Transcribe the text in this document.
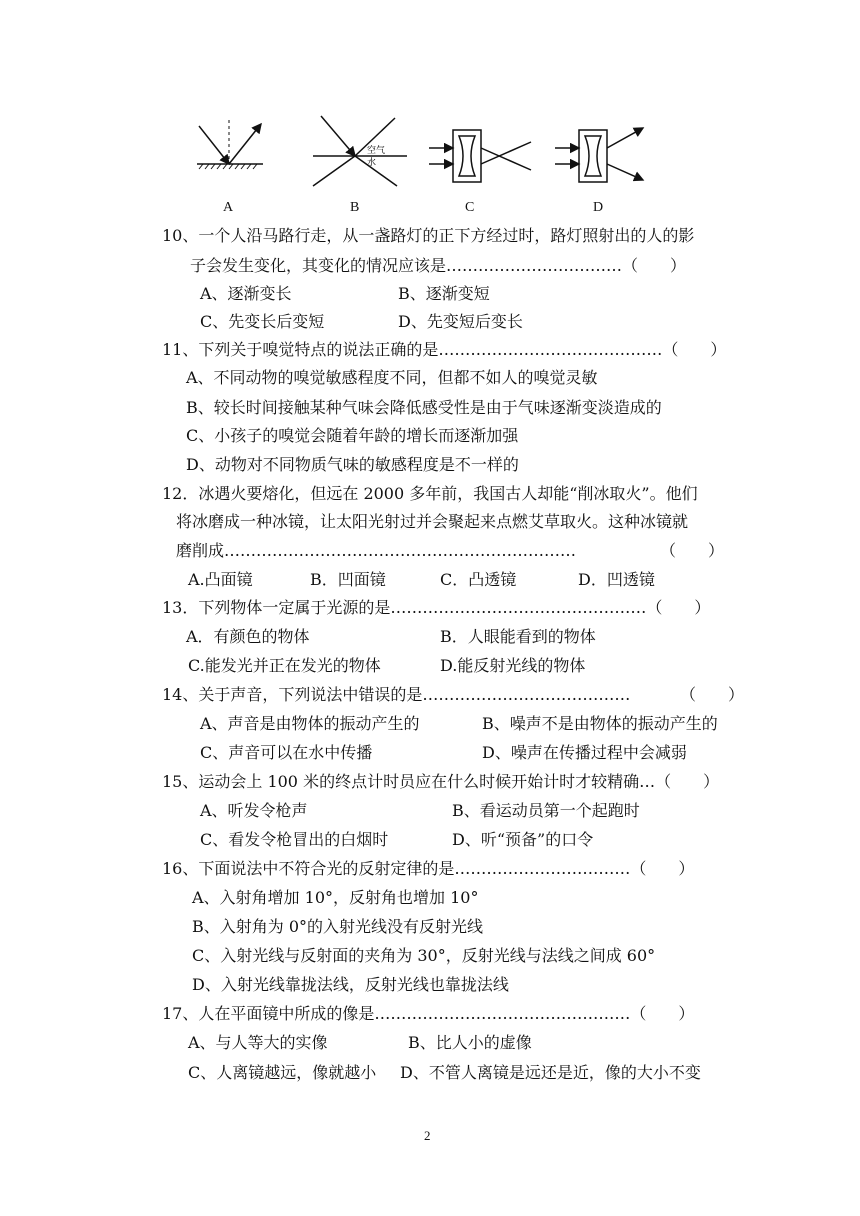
空气
水
A	B	C	D
10、一个人沿马路行走，从一盏路灯的正下方经过时，路灯照射出的人的影
子会发生变化，其变化的情况应该是……………………………（　　）
A、逐渐变长	B、逐渐变短
C、先变长后变短	D、先变短后变长
11、下列关于嗅觉特点的说法正确的是……………………………………（　　）
A、不同动物的嗅觉敏感程度不同，但都不如人的嗅觉灵敏
B、较长时间接触某种气味会降低感受性是由于气味逐渐变淡造成的
C、小孩子的嗅觉会随着年龄的增长而逐渐加强
D、动物对不同物质气味的敏感程度是不一样的
12．冰遇火要熔化，但远在 2000 多年前，我国古人却能“削冰取火”。他们
将冰磨成一种冰镜，让太阳光射过并会聚起来点燃艾草取火。这种冰镜就
磨削成…………………………………………………………	（　　）
A.凸面镜	B．凹面镜	C．凸透镜	D．凹透镜
13．下列物体一定属于光源的是…………………………………………（　　）
A．有颜色的物体	B．人眼能看到的物体
C.能发光并正在发光的物体	D.能反射光线的物体
14、关于声音，下列说法中错误的是…………………………………	（　　）
A、声音是由物体的振动产生的	B、噪声不是由物体的振动产生的
C、声音可以在水中传播	D、噪声在传播过程中会减弱
15、运动会上 100 米的终点计时员应在什么时候开始计时才较精确…（　　）
A、听发令枪声	B、看运动员第一个起跑时
C、看发令枪冒出的白烟时	D、听“预备”的口令
16、下面说法中不符合光的反射定律的是……………………………（　　）
A、入射角增加 10°，反射角也增加 10°
B、入射角为 0°的入射光线没有反射光线
C、入射光线与反射面的夹角为 30°，反射光线与法线之间成 60°
D、入射光线靠拢法线，反射光线也靠拢法线
17、人在平面镜中所成的像是…………………………………………（　　）
A、与人等大的实像	B、比人小的虚像
C、人离镜越远，像就越小 D、不管人离镜是远还是近，像的大小不变
2
